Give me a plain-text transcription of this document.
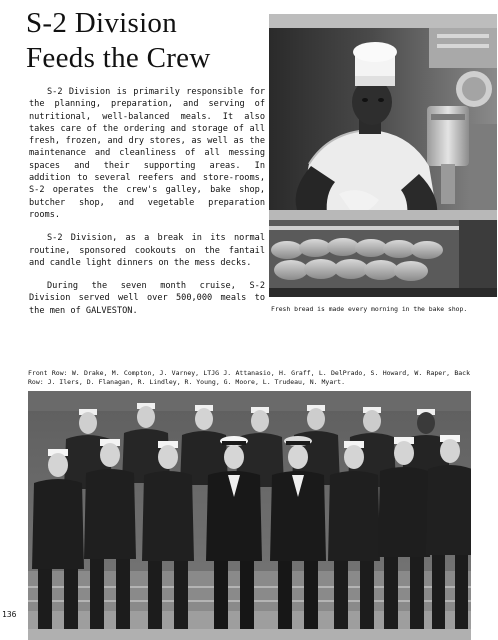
S-2 Division
Feeds the Crew

S-2 Division is primarily responsible for the planning, preparation, and serving of nutritional, well-balanced meals. It also takes care of the ordering and storage of all fresh, frozen, and dry stores, as well as the maintenance and cleanliness of all messing spaces and their supporting areas. In addition to several reefers and store-rooms, S-2 operates the crew's galley, bake shop, butcher shop, and vegetable preparation rooms.

S-2 Division, as a break in its normal routine, sponsored cookouts on the fantail and candle light dinners on the mess decks.

During the seven month cruise, S-2 Division served well over 500,000 meals to the men of GALVESTON.	Fresh bread is made every morning in the bake shop.
Front Row: W. Drake, M. Compton, J. Varney, LTJG J. Attanasio, H. Graff, L. DelPrado, S. Howard, W. Raper, Back Row: J. Ilers, D. Flanagan, R. Lindley, R. Young, G. Moore, L. Trudeau, N. Myart.
136
